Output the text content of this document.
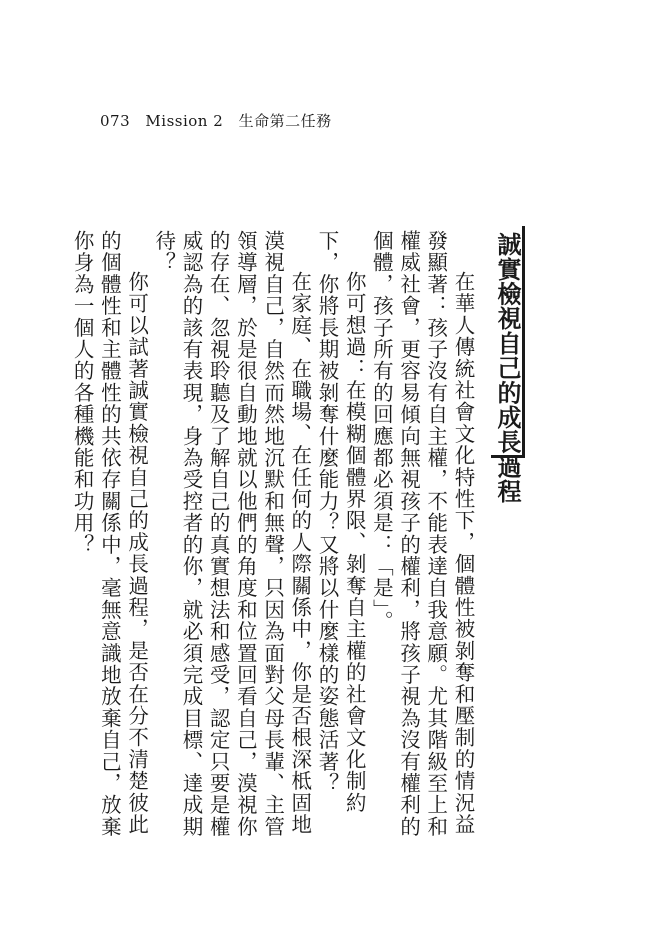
073 Mission 2 生命第二任務
誠實檢視自己的成長過程

在華人傳統社會文化特性下，個體性被剝奪和壓制的情況益發顯著：孩子沒有自主權，不能表達自我意願。尤其階級至上和權威社會，更容易傾向無視孩子的權利，將孩子視為沒有權利的個體，孩子所有的回應都必須是：「是」。

你可想過：在模糊個體界限、剝奪自主權的社會文化制約下，你將長期被剝奪什麼能力？又將以什麼樣的姿態活著？

在家庭、在職場、在任何的人際關係中，你是否根深柢固地漠視自己，自然而然地沉默和無聲，只因為面對父母長輩、主管領導層，於是很自動地就以他們的角度和位置回看自己，漠視你的存在、忽視聆聽及了解自己的真實想法和感受，認定只要是權威認為的該有表現，身為受控者的你，就必須完成目標、達成期待？

你可以試著誠實檢視自己的成長過程，是否在分不清楚彼此的個體性和主體性的共依存關係中，毫無意識地放棄自己，放棄你身為一個人的各種機能和功用？
